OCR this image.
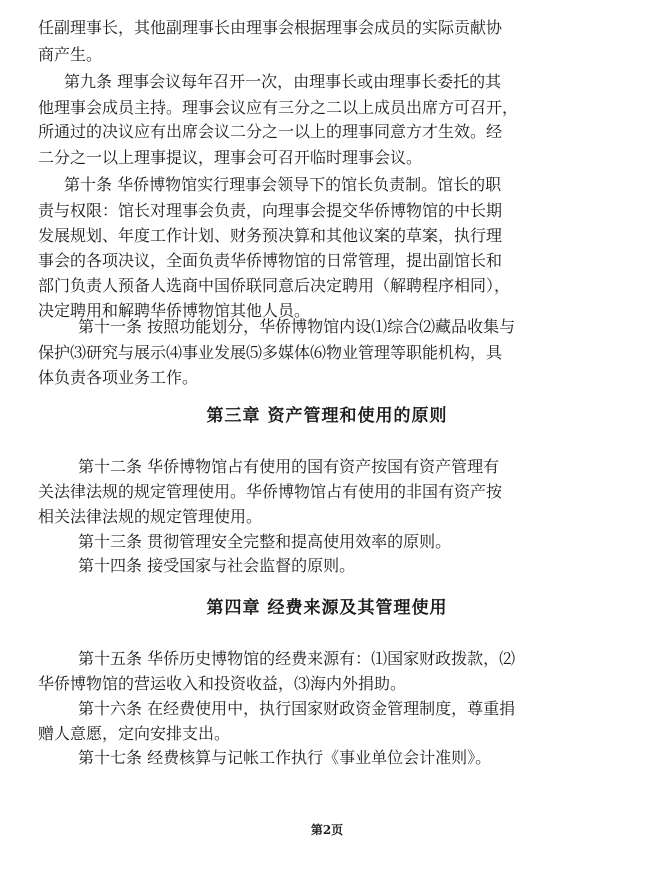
任副理事长，其他副理事长由理事会根据理事会成员的实际贡献协
商产生。
第九条 理事会议每年召开一次，由理事长或由理事长委托的其
他理事会成员主持。理事会议应有三分之二以上成员出席方可召开，
所通过的决议应有出席会议二分之一以上的理事同意方才生效。经
二分之一以上理事提议，理事会可召开临时理事会议。
第十条 华侨博物馆实行理事会领导下的馆长负责制。馆长的职
责与权限：馆长对理事会负责，向理事会提交华侨博物馆的中长期
发展规划、年度工作计划、财务预决算和其他议案的草案，执行理
事会的各项决议，全面负责华侨博物馆的日常管理，提出副馆长和
部门负责人预备人选商中国侨联同意后决定聘用（解聘程序相同），
决定聘用和解聘华侨博物馆其他人员。
第十一条 按照功能划分，华侨博物馆内设⑴综合⑵藏品收集与
保护⑶研究与展示⑷事业发展⑸多媒体⑹物业管理等职能机构，具
体负责各项业务工作。
第三章 资产管理和使用的原则
第十二条 华侨博物馆占有使用的国有资产按国有资产管理有
关法律法规的规定管理使用。华侨博物馆占有使用的非国有资产按
相关法律法规的规定管理使用。
第十三条 贯彻管理安全完整和提高使用效率的原则。
第十四条 接受国家与社会监督的原则。
第四章 经费来源及其管理使用
第十五条 华侨历史博物馆的经费来源有：⑴国家财政拨款，⑵
华侨博物馆的营运收入和投资收益，⑶海内外捐助。
第十六条 在经费使用中，执行国家财政资金管理制度，尊重捐
赠人意愿，定向安排支出。
第十七条 经费核算与记帐工作执行《事业单位会计准则》。
第2页
